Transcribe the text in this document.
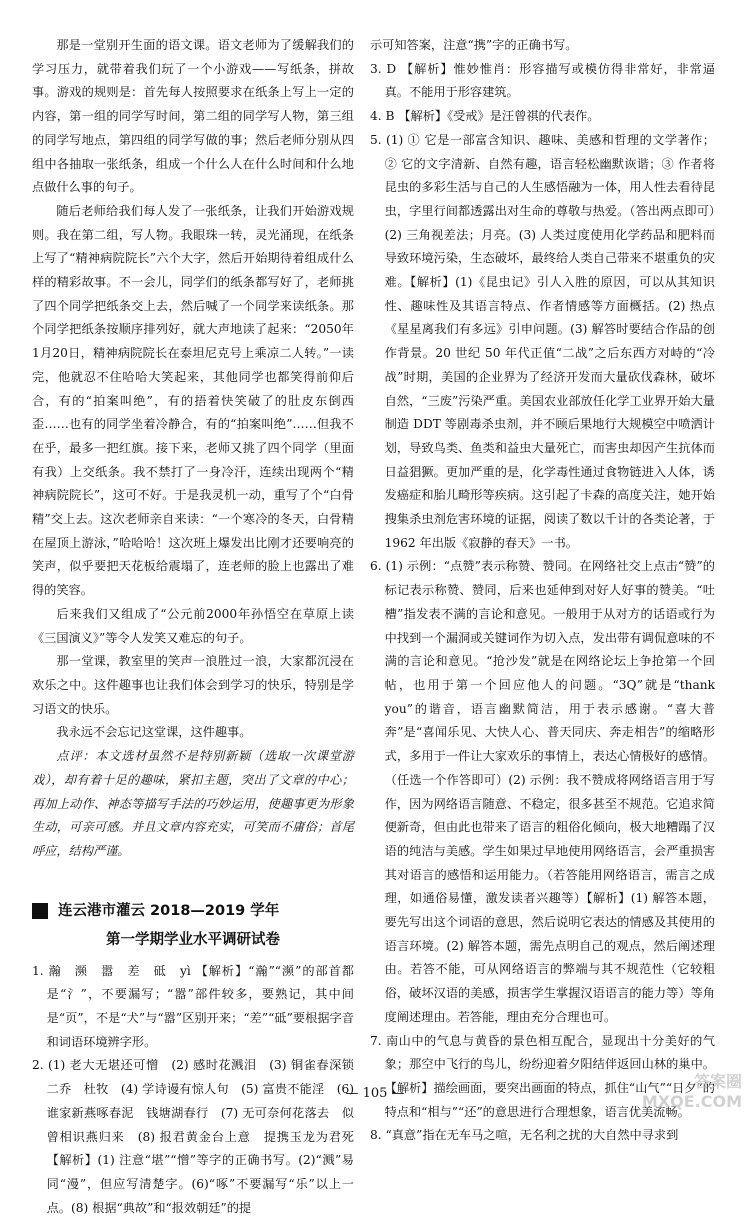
那是一堂别开生面的语文课。语文老师为了缓解我们的学习压力，就带着我们玩了一个小游戏——写纸条，拼故事。游戏的规则是：首先每人按照要求在纸条上写上一定的内容，第一组的同学写时间，第二组的同学写人物，第三组的同学写地点，第四组的同学写做的事；然后老师分别从四组中各抽取一张纸条，组成一个什么人在什么时间和什么地点做什么事的句子。

随后老师给我们每人发了一张纸条，让我们开始游戏规则。我在第二组，写人物。我眼珠一转，灵光涌现，在纸条上写了“精神病院院长”六个大字，然后开始期待着组成什么样的精彩故事。不一会儿，同学们的纸条都写好了，老师挑了四个同学把纸条交上去，然后喊了一个同学来读纸条。那个同学把纸条按顺序排列好，就大声地读了起来：“2050年1月20日，精神病院院长在泰坦尼克号上乘凉二人转。”一读完，他就忍不住哈哈大笑起来，其他同学也都笑得前仰后合，有的“拍案叫绝”，有的捂着快笑破了的肚皮东倒西歪……也有的同学坐着冷静合，有的“拍案叫绝”……但我不在乎，最多一把红旗。接下来，老师又挑了四个同学（里面有我）上交纸条。我不禁打了一身冷汗，连续出现两个“精神病院院长”，这可不好。于是我灵机一动，重写了个“白骨精”交上去。这次老师亲自来读：“一个寒冷的冬天，白骨精在屋顶上游泳，”哈哈哈！这次班上爆发出比刚才还要响亮的笑声，似乎要把天花板给震塌了，连老师的脸上也露出了难得的笑容。

后来我们又组成了“公元前2000年孙悟空在草原上读《三国演义》”等令人发笑又难忘的句子。

那一堂课，教室里的笑声一浪胜过一浪，大家都沉浸在欢乐之中。这件趣事也让我们体会到学习的快乐，特别是学习语文的快乐。

我永远不会忘记这堂课，这件趣事。

点评：本文选材虽然不是特别新颖（选取一次课堂游戏），却有着十足的趣味，紧扣主题，突出了文章的中心；再加上动作、神态等描写手法的巧妙运用，使趣事更为形象生动，可亲可感。并且文章内容充实，可笑而不庸俗；首尾呼应，结构严谨。

连云港市灌云 2018—2019 学年
第一学期学业水平调研试卷

1. 瀚　濒　嚣　差　砥　yì 【解析】“瀚”“濒”的部首都是“氵”，不要漏写；“嚣”部件较多，要熟记，其中间是“页”，不是“犬”与“嚣”区别开来；“差”“砥”要根据字音和词语环境辨字形。

2. (1) 老大无堪还可憎　(2) 感时花溅泪　(3) 铜雀春深锁二乔　杜牧　(4) 学诗谩有惊人句　(5) 富贵不能淫　(6) 谁家新燕啄春泥　钱塘湖春行　(7) 无可奈何花落去　似曾相识燕归来　(8) 报君黄金台上意　提携玉龙为君死 【解析】(1) 注意“堪”“憎”等字的正确书写。(2)“溅”易同“漫”，但应写清楚字。(6)“啄”不要漏写“乐”以上一点。(8) 根据“典故”和“报效朝廷”的提

示可知答案，注意“携”字的正确书写。

3. D 【解析】惟妙惟肖：形容描写或模仿得非常好，非常逼真。不能用于形容建筑。

4. B 【解析】《受戒》是汪曾祺的代表作。

5. (1) ① 它是一部富含知识、趣味、美感和哲理的文学著作；② 它的文字清新、自然有趣，语言轻松幽默诙谐；③ 作者将昆虫的多彩生活与自己的人生感悟融为一体，用人性去看待昆虫，字里行间都透露出对生命的尊敬与热爱。（答出两点即可）(2) 三角视差法；月亮。(3) 人类过度使用化学药品和肥料而导致环境污染，生态破坏，最终给人类自己带来不堪重负的灾难。【解析】(1)《昆虫记》引人入胜的原因，可以从其知识性、趣味性及其语言特点、作者情感等方面概括。(2) 热点《星星离我们有多远》引申问题。(3) 解答时要结合作品的创作背景。20 世纪 50 年代正值“二战”之后东西方对峙的“冷战”时期，美国的企业界为了经济开发而大量砍伐森林，破坏自然，“三废”污染严重。美国农业部放任化学工业界开始大量制造 DDT 等剧毒杀虫剂，并不顾后果地行大规模空中喷洒计划，导致鸟类、鱼类和益虫大量死亡，而害虫却因产生抗体而日益猖獗。更加严重的是，化学毒性通过食物链进入人体，诱发癌症和胎儿畸形等疾病。这引起了卡森的高度关注，她开始搜集杀虫剂危害环境的证据，阅读了数以千计的各类论著，于 1962 年出版《寂静的春天》一书。

6. (1) 示例：“点赞”表示称赞、赞同。在网络社交上点击“赞”的标记表示称赞、赞同，后来也延伸到对好人好事的赞美。“吐槽”指发表不满的言论和意见。一般用于从对方的话语或行为中找到一个漏洞或关键词作为切入点，发出带有调侃意味的不满的言论和意见。“抢沙发”就是在网络论坛上争抢第一个回帖，也用于第一个回应他人的问题。“3Q”就是“thank you”的谐音，语言幽默简洁，用于表示感谢。“喜大普奔”是“喜闻乐见、大快人心、普天同庆、奔走相告”的缩略形式，多用于一件让大家欢乐的事情上，表达心情极好的感情。（任选一个作答即可）(2) 示例：我不赞成将网络语言用于写作，因为网络语言随意、不稳定，很多甚至不规范。它追求简便新奇，但由此也带来了语言的粗俗化倾向，极大地糟蹋了汉语的纯洁与美感。学生如果过早地使用网络语言，会严重损害其对语言的感悟和运用能力。（若答能用网络语言，需言之成理，如通俗易懂，激发读者兴趣等）【解析】(1) 解答本题，要先写出这个词语的意思，然后说明它表达的情感及其使用的语言环境。(2) 解答本题，需先点明自己的观点，然后阐述理由。若答不能，可从网络语言的弊端与其不规范性（它较粗俗，破坏汉语的美感，损害学生掌握汉语语言的能力等）等角度阐述理由。若答能，理由充分合理也可。

7. 南山中的气息与黄昏的景色相互配合，显现出十分美好的气象；那空中飞行的鸟儿，纷纷迎着夕阳结伴返回山林的巢中。【解析】描绘画面，要突出画面的特点，抓住“山气”“日夕”的特点和“相与”“还”的意思进行合理想象，语言优美流畅。

8. “真意”指在无车马之喧，无名利之扰的大自然中寻求到

— 105 —
答案圈 MXQE.COM
